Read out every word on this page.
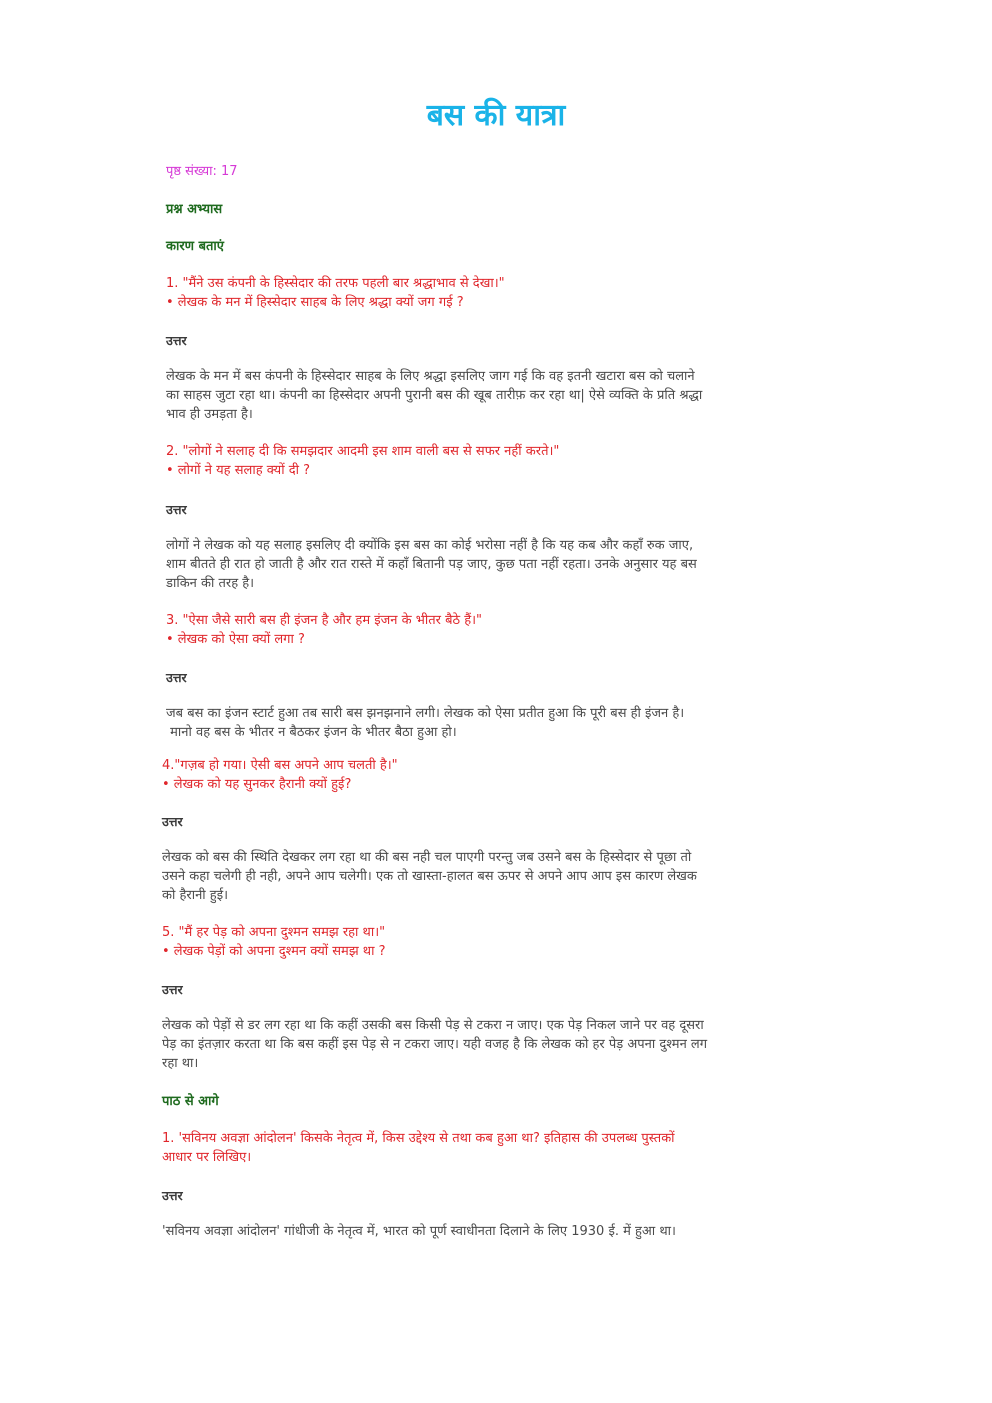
बस की यात्रा
पृष्ठ संख्या: 17
प्रश्न अभ्यास
कारण बताएं
1. "मैंने उस कंपनी के हिस्सेदार की तरफ पहली बार श्रद्धाभाव से देखा।"
• लेखक के मन में हिस्सेदार साहब के लिए श्रद्धा क्यों जग गई ?
उत्तर
लेखक के मन में बस कंपनी के हिस्सेदार साहब के लिए श्रद्धा इसलिए जाग गई कि वह इतनी खटारा बस को चलाने
का साहस जुटा रहा था। कंपनी का हिस्सेदार अपनी पुरानी बस की खूब तारीफ़ कर रहा था| ऐसे व्यक्ति के प्रति श्रद्धा
भाव ही उमड़ता है।
2. "लोगों ने सलाह दी कि समझदार आदमी इस शाम वाली बस से सफर नहीं करते।"
• लोगों ने यह सलाह क्यों दी ?
उत्तर
लोगों ने लेखक को यह सलाह इसलिए दी क्योंकि इस बस का कोई भरोसा नहीं है कि यह कब और कहाँ रुक जाए,
शाम बीतते ही रात हो जाती है और रात रास्ते में कहाँ बितानी पड़ जाए, कुछ पता नहीं रहता। उनके अनुसार यह बस
डाकिन की तरह है।
3. "ऐसा जैसे सारी बस ही इंजन है और हम इंजन के भीतर बैठे हैं।"
• लेखक को ऐसा क्यों लगा ?
उत्तर
जब बस का इंजन स्टार्ट हुआ तब सारी बस झनझनाने लगी। लेखक को ऐसा प्रतीत हुआ कि पूरी बस ही इंजन है।
मानो वह बस के भीतर न बैठकर इंजन के भीतर बैठा हुआ हो।
4."गज़ब हो गया। ऐसी बस अपने आप चलती है।"
• लेखक को यह सुनकर हैरानी क्यों हुई?
उत्तर
लेखक को बस की स्थिति देखकर लग रहा था की बस नही चल पाएगी परन्तु जब उसने बस के हिस्सेदार से पूछा तो
उसने कहा चलेगी ही नही, अपने आप चलेगी। एक तो खास्ता-हालत बस ऊपर से अपने आप आप इस कारण लेखक
को हैरानी हुई।
5. "मैं हर पेड़ को अपना दुश्मन समझ रहा था।"
• लेखक पेड़ों को अपना दुश्मन क्यों समझ था ?
उत्तर
लेखक को पेड़ों से डर लग रहा था कि कहीं उसकी बस किसी पेड़ से टकरा न जाए। एक पेड़ निकल जाने पर वह दूसरा
पेड़ का इंतज़ार करता था कि बस कहीं इस पेड़ से न टकरा जाए। यही वजह है कि लेखक को हर पेड़ अपना दुश्मन लग
रहा था।
पाठ से आगे
1. 'सविनय अवज्ञा आंदोलन' किसके नेतृत्व में, किस उद्देश्य से तथा कब हुआ था? इतिहास की उपलब्ध पुस्तकों
आधार पर लिखिए।
उत्तर
'सविनय अवज्ञा आंदोलन' गांधीजी के नेतृत्व में, भारत को पूर्ण स्वाधीनता दिलाने के लिए 1930 ई. में हुआ था।
